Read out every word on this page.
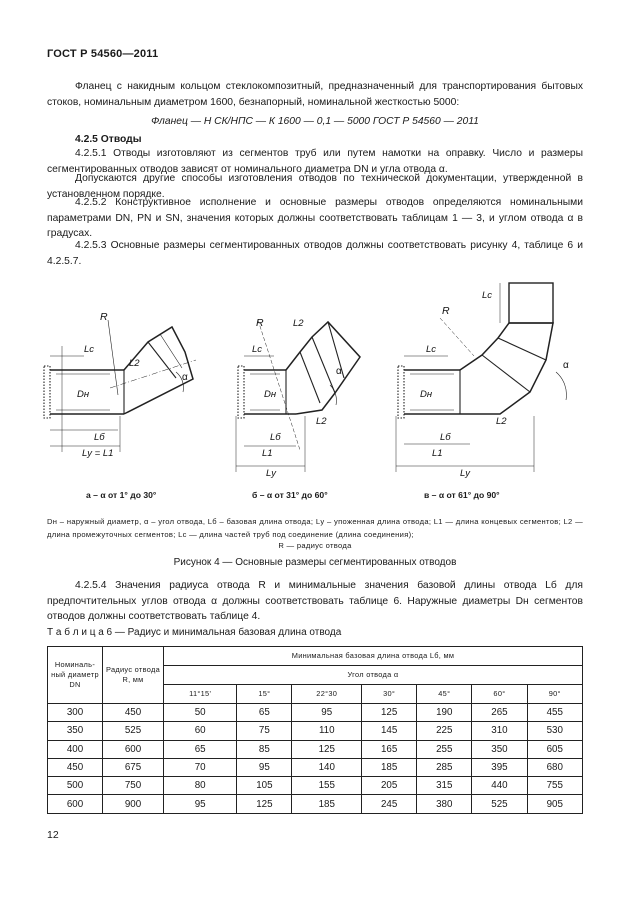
ГОСТ Р 54560—2011
Фланец с накидным кольцом стеклокомпозитный, предназначенный для транспортирования бытовых стоков, номинальным диаметром 1600, безнапорный, номинальной жесткостью 5000:
Фланец — Н СК/НПС — К 1600 — 0,1 — 5000 ГОСТ Р 54560 — 2011
4.2.5 Отводы
4.2.5.1 Отводы изготовляют из сегментов труб или путем намотки на оправку. Число и размеры сегментированных отводов зависят от номинального диаметра DN и угла отвода α.
Допускаются другие способы изготовления отводов по технической документации, утвержденной в установленном порядке.
4.2.5.2 Конструктивное исполнение и основные размеры отводов определяются номинальными параметрами DN, PN и SN, значения которых должны соответствовать таблицам 1 — 3, и углом отвода α в градусах.
4.2.5.3 Основные размеры сегментированных отводов должны соответствовать рисунку 4, таблице 6 и 4.2.5.7.
R
Lс
L2
Dн
α
Lб
Lу = L1
R
Lс
L2
L2
Dн
α
Lб
L1
Lу
R
Lс
Lс
L2
Dн
α
Lб
L1
Lу
а – α от 1° до 30°	б – α от 31° до 60°	в – α от 61° до 90°
Dн – наружный диаметр, α – угол отвода, Lб – базовая длина отвода; Lу – упоженная длина отвода; L1 — длина концевых сегментов; L2 — длина промежуточных сегментов; Lс — длина частей труб под соединение (длина соединения);
R — радиус отвода
Рисунок 4 — Основные размеры сегментированных отводов
4.2.5.4 Значения радиуса отвода R и минимальные значения базовой длины отвода Lб для предпочтительных углов отвода α должны соответствовать таблице 6. Наружные диаметры Dн сегментов отводов должны соответствовать таблице 4.
Т а б л и ц а 6 — Радиус и минимальная базовая длина отвода
Номиналь-ный диаметр DN	Радиус отвода R, мм	Минимальная базовая длина отвода Lб, мм						
		Угол отвода α						
		11°15'	15°	22°30	30°	45°	60°	90°
300	450	50	65	95	125	190	265	455
350	525	60	75	110	145	225	310	530
400	600	65	85	125	165	255	350	605
450	675	70	95	140	185	285	395	680
500	750	80	105	155	205	315	440	755
600	900	95	125	185	245	380	525	905
12
